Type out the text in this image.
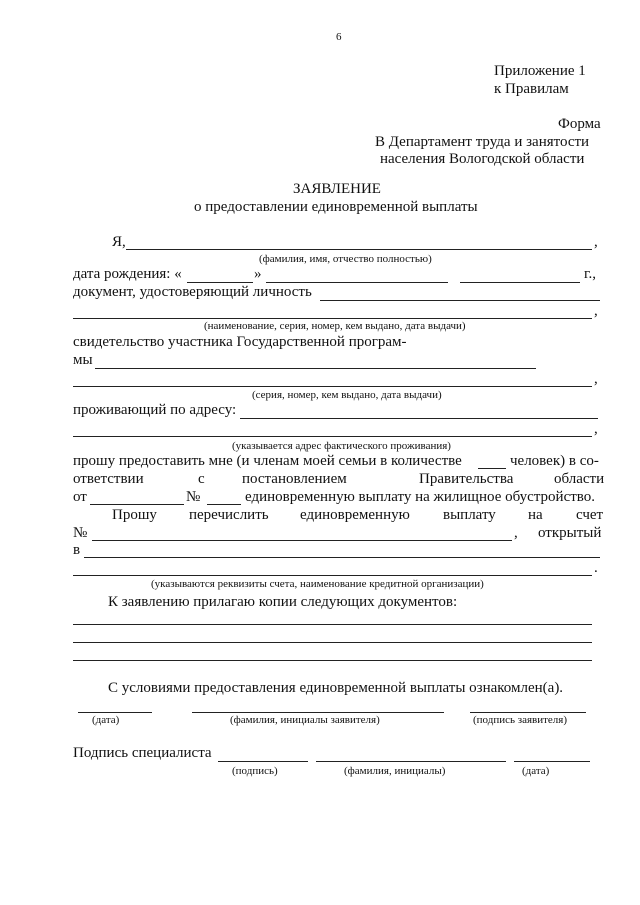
6
Приложение 1
к Правилам
Форма
В Департамент труда и занятости
населения Вологодской области
ЗАЯВЛЕНИЕ
о предоставлении единовременной выплаты
Я,	,
(фамилия, имя, отчество полностью)
дата рождения: «	»	г.,
документ, удостоверяющий личность
,
(наименование, серия, номер, кем выдано, дата выдачи)
свидетельство участника Государственной програм-
мы
,
(серия, номер, кем выдано, дата выдачи)
проживающий по адресу:
,
(указывается адрес фактического проживания)
прошу предоставить мне (и членам моей семьи в количестве	человек) в со-
ответствии	с постановлением	Правительства	области
от	№	единовременную выплату на жилищное обустройство.
Прошу перечислить единовременную выплату на счет
№	, открытый
в
.
(указываются реквизиты счета, наименование кредитной организации)
К заявлению прилагаю копии следующих документов:
С условиями предоставления единовременной выплаты ознакомлен(а).
(дата)	(фамилия, инициалы заявителя)	(подпись заявителя)
Подпись специалиста
(подпись)	(фамилия, инициалы)	(дата)
